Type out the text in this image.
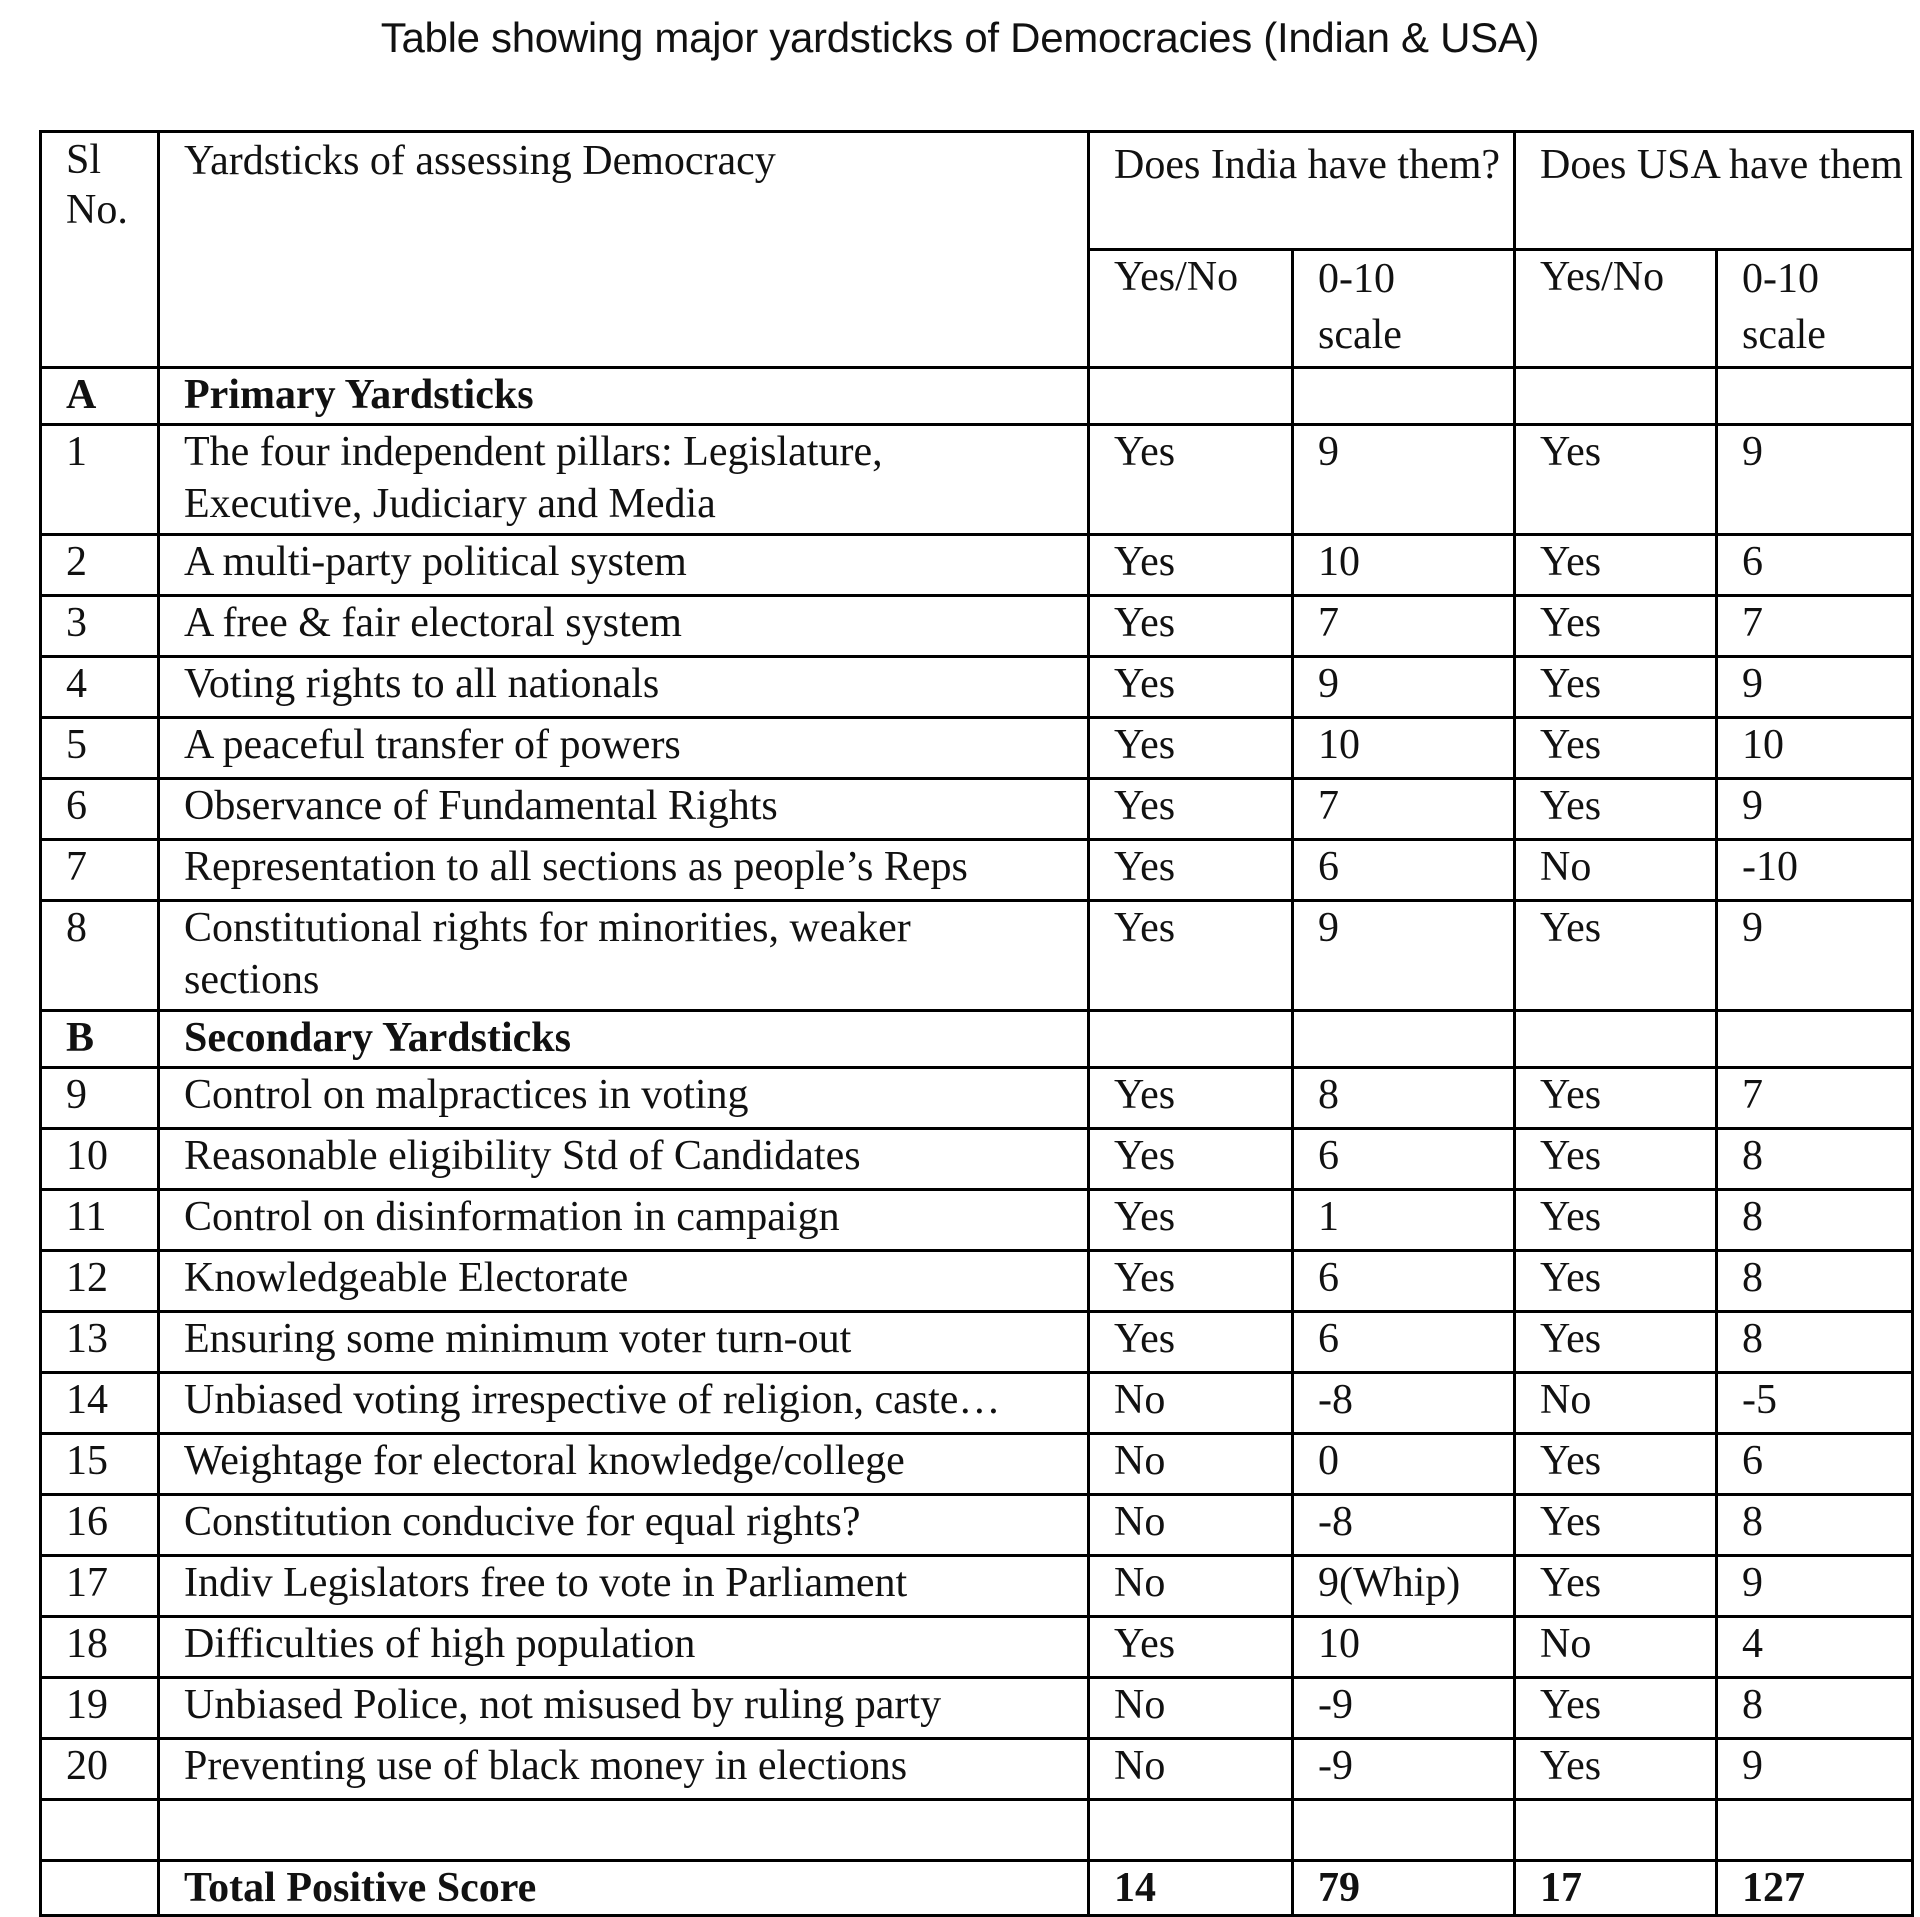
Table showing major yardsticks of Democracies (Indian & USA)
Sl No.	Yardsticks of assessing Democracy	Does India have them?		Does USA have them	
		Yes/No	0-10 scale	Yes/No	0-10 scale
A	Primary Yardsticks				
1	The four independent pillars: Legislature, Executive, Judiciary and Media	Yes	9	Yes	9
2	A multi-party political system	Yes	10	Yes	6
3	A free & fair electoral system	Yes	7	Yes	7
4	Voting rights to all nationals	Yes	9	Yes	9
5	A peaceful transfer of powers	Yes	10	Yes	10
6	Observance of Fundamental Rights	Yes	7	Yes	9
7	Representation to all sections as people’s Reps	Yes	6	No	-10
8	Constitutional rights for minorities, weaker sections	Yes	9	Yes	9
B	Secondary Yardsticks				
9	Control on malpractices in voting	Yes	8	Yes	7
10	Reasonable eligibility Std of Candidates	Yes	6	Yes	8
11	Control on disinformation in campaign	Yes	1	Yes	8
12	Knowledgeable Electorate	Yes	6	Yes	8
13	Ensuring some minimum voter turn-out	Yes	6	Yes	8
14	Unbiased voting irrespective of religion, caste…	No	-8	No	-5
15	Weightage for electoral knowledge/college	No	0	Yes	6
16	Constitution conducive for equal rights?	No	-8	Yes	8
17	Indiv Legislators free to vote in Parliament	No	9(Whip)	Yes	9
18	Difficulties of high population	Yes	10	No	4
19	Unbiased Police, not misused by ruling party	No	-9	Yes	8
20	Preventing use of black money in elections	No	-9	Yes	9

	Total Positive Score	14	79	17	127
